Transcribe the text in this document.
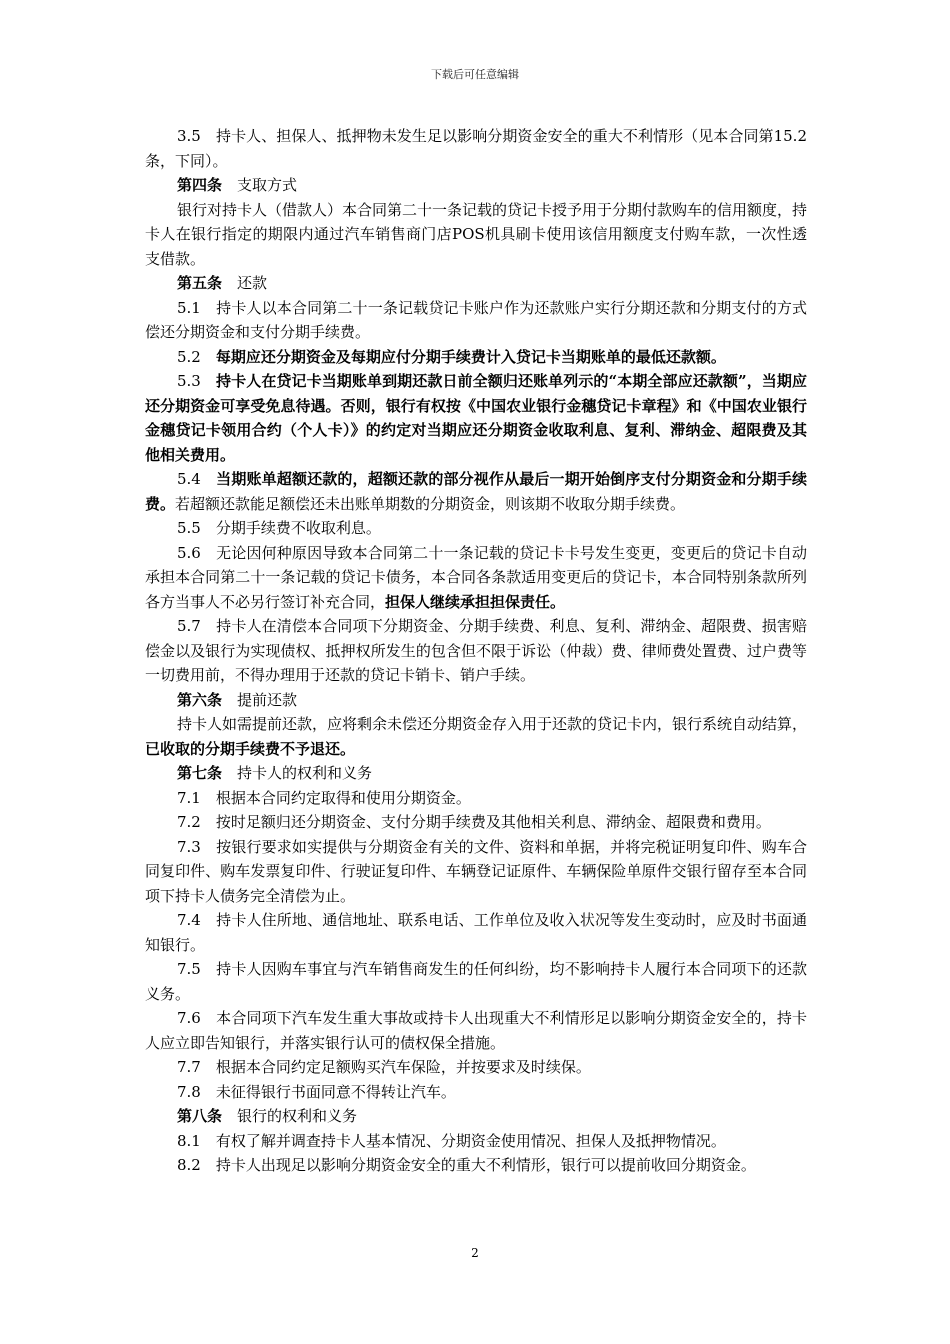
下载后可任意编辑

3.5　持卡人、担保人、抵押物未发生足以影响分期资金安全的重大不利情形（见本合同第15.2条，下同）。

第四条　支取方式

银行对持卡人（借款人）本合同第二十一条记载的贷记卡授予用于分期付款购车的信用额度，持卡人在银行指定的期限内通过汽车销售商门店POS机具刷卡使用该信用额度支付购车款，一次性透支借款。

第五条　还款

5.1　持卡人以本合同第二十一条记载贷记卡账户作为还款账户实行分期还款和分期支付的方式偿还分期资金和支付分期手续费。

5.2　每期应还分期资金及每期应付分期手续费计入贷记卡当期账单的最低还款额。

5.3　持卡人在贷记卡当期账单到期还款日前全额归还账单列示的“本期全部应还款额”，当期应还分期资金可享受免息待遇。否则，银行有权按《中国农业银行金穗贷记卡章程》和《中国农业银行金穗贷记卡领用合约（个人卡）》的约定对当期应还分期资金收取利息、复利、滞纳金、超限费及其他相关费用。

5.4　当期账单超额还款的，超额还款的部分视作从最后一期开始倒序支付分期资金和分期手续费。若超额还款能足额偿还未出账单期数的分期资金，则该期不收取分期手续费。

5.5　分期手续费不收取利息。

5.6　无论因何种原因导致本合同第二十一条记载的贷记卡卡号发生变更，变更后的贷记卡自动承担本合同第二十一条记载的贷记卡债务，本合同各条款适用变更后的贷记卡，本合同特别条款所列各方当事人不必另行签订补充合同，担保人继续承担担保责任。

5.7　持卡人在清偿本合同项下分期资金、分期手续费、利息、复利、滞纳金、超限费、损害赔偿金以及银行为实现债权、抵押权所发生的包含但不限于诉讼（仲裁）费、律师费处置费、过户费等一切费用前，不得办理用于还款的贷记卡销卡、销户手续。

第六条　提前还款

持卡人如需提前还款，应将剩余未偿还分期资金存入用于还款的贷记卡内，银行系统自动结算，已收取的分期手续费不予退还。

第七条　持卡人的权利和义务

7.1　根据本合同约定取得和使用分期资金。

7.2　按时足额归还分期资金、支付分期手续费及其他相关利息、滞纳金、超限费和费用。

7.3　按银行要求如实提供与分期资金有关的文件、资料和单据，并将完税证明复印件、购车合同复印件、购车发票复印件、行驶证复印件、车辆登记证原件、车辆保险单原件交银行留存至本合同项下持卡人债务完全清偿为止。

7.4　持卡人住所地、通信地址、联系电话、工作单位及收入状况等发生变动时，应及时书面通知银行。

7.5　持卡人因购车事宜与汽车销售商发生的任何纠纷，均不影响持卡人履行本合同项下的还款义务。

7.6　本合同项下汽车发生重大事故或持卡人出现重大不利情形足以影响分期资金安全的，持卡人应立即告知银行，并落实银行认可的债权保全措施。

7.7　根据本合同约定足额购买汽车保险，并按要求及时续保。

7.8　未征得银行书面同意不得转让汽车。

第八条　银行的权利和义务

8.1　有权了解并调查持卡人基本情况、分期资金使用情况、担保人及抵押物情况。

8.2　持卡人出现足以影响分期资金安全的重大不利情形，银行可以提前收回分期资金。

2
